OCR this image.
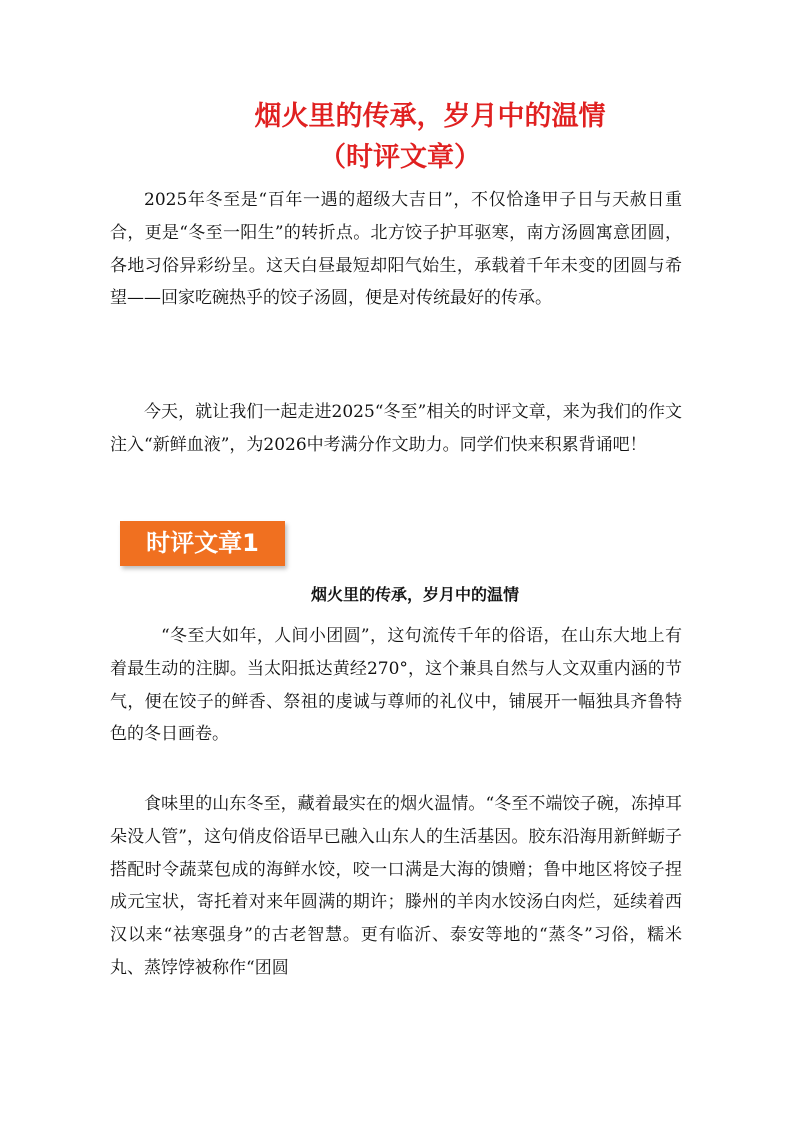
烟火里的传承，岁月中的温情
（时评文章）

2025年冬至是“百年一遇的超级大吉日”，不仅恰逢甲子日与天赦日重合，更是“冬至一阳生”的转折点。北方饺子护耳驱寒，南方汤圆寓意团圆，各地习俗异彩纷呈。这天白昼最短却阳气始生，承载着千年未变的团圆与希望——回家吃碗热乎的饺子汤圆，便是对传统最好的传承。

今天，就让我们一起走进2025“冬至”相关的时评文章，来为我们的作文注入“新鲜血液”，为2026中考满分作文助力。同学们快来积累背诵吧！

时评文章1
烟火里的传承，岁月中的温情

“冬至大如年，人间小团圆”，这句流传千年的俗语，在山东大地上有着最生动的注脚。当太阳抵达黄经270°，这个兼具自然与人文双重内涵的节气，便在饺子的鲜香、祭祖的虔诚与尊师的礼仪中，铺展开一幅独具齐鲁特色的冬日画卷。

食味里的山东冬至，藏着最实在的烟火温情。“冬至不端饺子碗，冻掉耳朵没人管”，这句俏皮俗语早已融入山东人的生活基因。胶东沿海用新鲜蛎子搭配时令蔬菜包成的海鲜水饺，咬一口满是大海的馈赠；鲁中地区将饺子捏成元宝状，寄托着对来年圆满的期许；滕州的羊肉水饺汤白肉烂，延续着西汉以来“祛寒强身”的古老智慧。更有临沂、泰安等地的“蒸冬”习俗，糯米丸、蒸饽饽被称作“团圆
